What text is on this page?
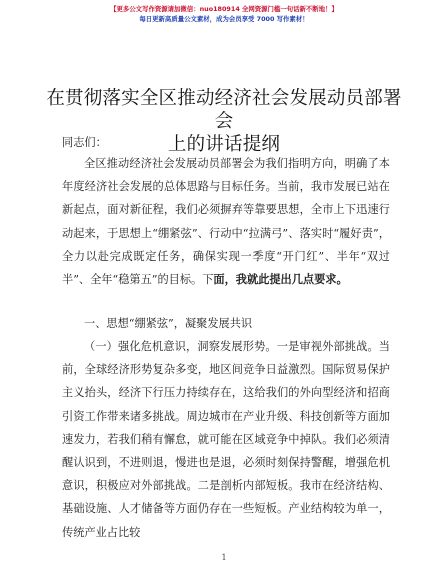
【更多公文写作资源请加微信：nuo180914 全网资源门槛一句话新不断地！】
每日更新高质量公文素材，成为会员享受 7000 写作素材！
在贯彻落实全区推动经济社会发展动员部署会
上的讲话提纲
同志们：
全区推动经济社会发展动员部署会为我们指明方向，明确了本年度经济社会发展的总体思路与目标任务。当前，我市发展已站在新起点，面对新征程，我们必须摒弃等靠要思想，全市上下迅速行动起来，于思想上“绷紧弦”、行动中“拉满弓”、落实时“履好责”，全力以赴完成既定任务，确保实现一季度“开门红”、半年“双过半”、全年“稳第五”的目标。下面，我就此提出几点要求。
一、思想“绷紧弦”，凝聚发展共识
（一）强化危机意识，洞察发展形势。一是审视外部挑战。当前，全球经济形势复杂多变，地区间竞争日益激烈。国际贸易保护主义抬头，经济下行压力持续存在，这给我们的外向型经济和招商引资工作带来诸多挑战。周边城市在产业升级、科技创新等方面加速发力，若我们稍有懈怠，就可能在区域竞争中掉队。我们必须清醒认识到，不进则退，慢进也是退，必须时刻保持警醒，增强危机意识，积极应对外部挑战。二是剖析内部短板。我市在经济结构、基础设施、人才储备等方面仍存在一些短板。产业结构较为单一，传统产业占比较
1
